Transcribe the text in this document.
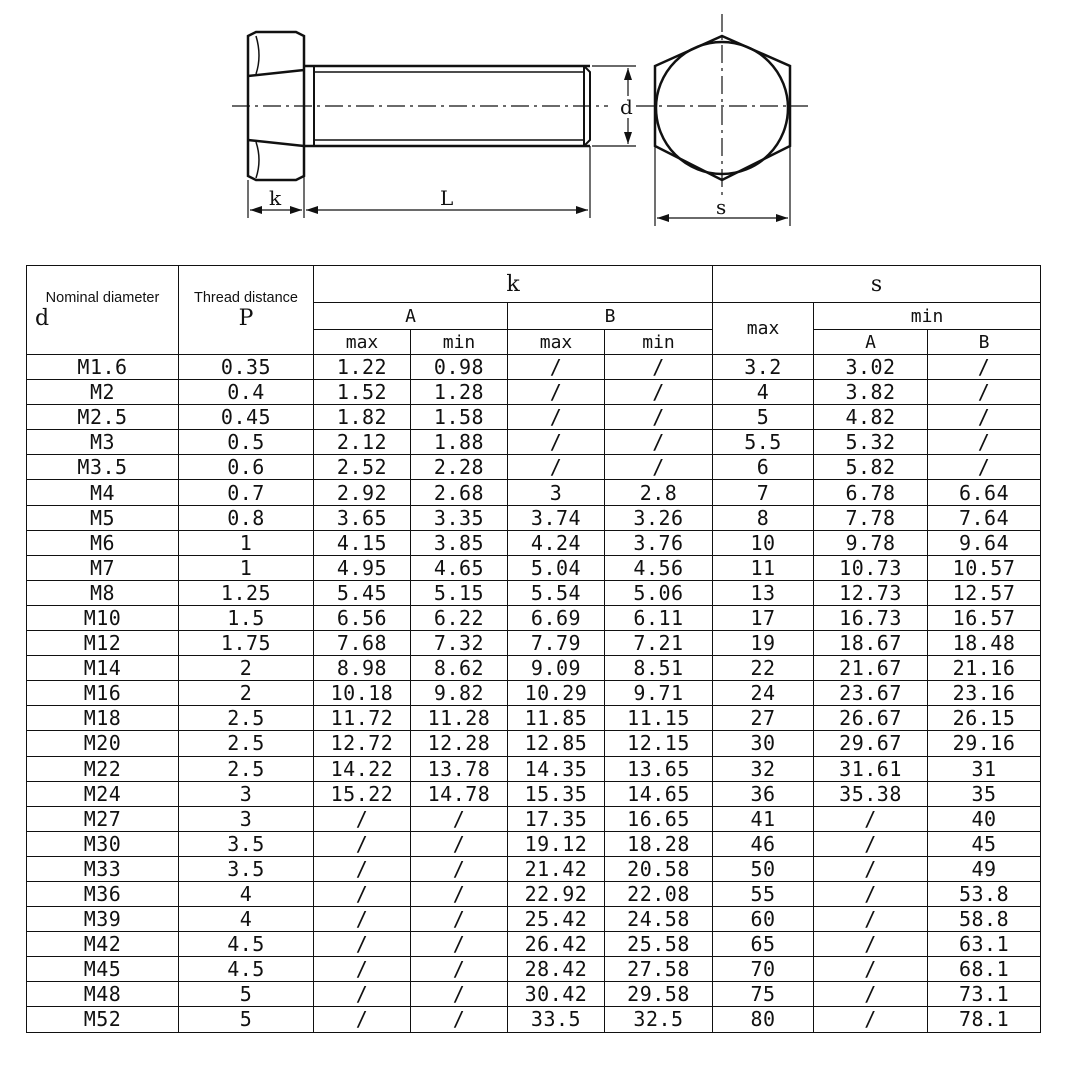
k	L
d
s
Nominal diameter
d	Thread distance
P	k				s		
		A		B		max	min	
		max	min	max	min		A	B
M1.6	0.35	1.22	0.98	/	/	3.2	3.02	/
M2	0.4	1.52	1.28	/	/	4	3.82	/
M2.5	0.45	1.82	1.58	/	/	5	4.82	/
M3	0.5	2.12	1.88	/	/	5.5	5.32	/
M3.5	0.6	2.52	2.28	/	/	6	5.82	/
M4	0.7	2.92	2.68	3	2.8	7	6.78	6.64
M5	0.8	3.65	3.35	3.74	3.26	8	7.78	7.64
M6	1	4.15	3.85	4.24	3.76	10	9.78	9.64
M7	1	4.95	4.65	5.04	4.56	11	10.73	10.57
M8	1.25	5.45	5.15	5.54	5.06	13	12.73	12.57
M10	1.5	6.56	6.22	6.69	6.11	17	16.73	16.57
M12	1.75	7.68	7.32	7.79	7.21	19	18.67	18.48
M14	2	8.98	8.62	9.09	8.51	22	21.67	21.16
M16	2	10.18	9.82	10.29	9.71	24	23.67	23.16
M18	2.5	11.72	11.28	11.85	11.15	27	26.67	26.15
M20	2.5	12.72	12.28	12.85	12.15	30	29.67	29.16
M22	2.5	14.22	13.78	14.35	13.65	32	31.61	31
M24	3	15.22	14.78	15.35	14.65	36	35.38	35
M27	3	/	/	17.35	16.65	41	/	40
M30	3.5	/	/	19.12	18.28	46	/	45
M33	3.5	/	/	21.42	20.58	50	/	49
M36	4	/	/	22.92	22.08	55	/	53.8
M39	4	/	/	25.42	24.58	60	/	58.8
M42	4.5	/	/	26.42	25.58	65	/	63.1
M45	4.5	/	/	28.42	27.58	70	/	68.1
M48	5	/	/	30.42	29.58	75	/	73.1
M52	5	/	/	33.5	32.5	80	/	78.1
